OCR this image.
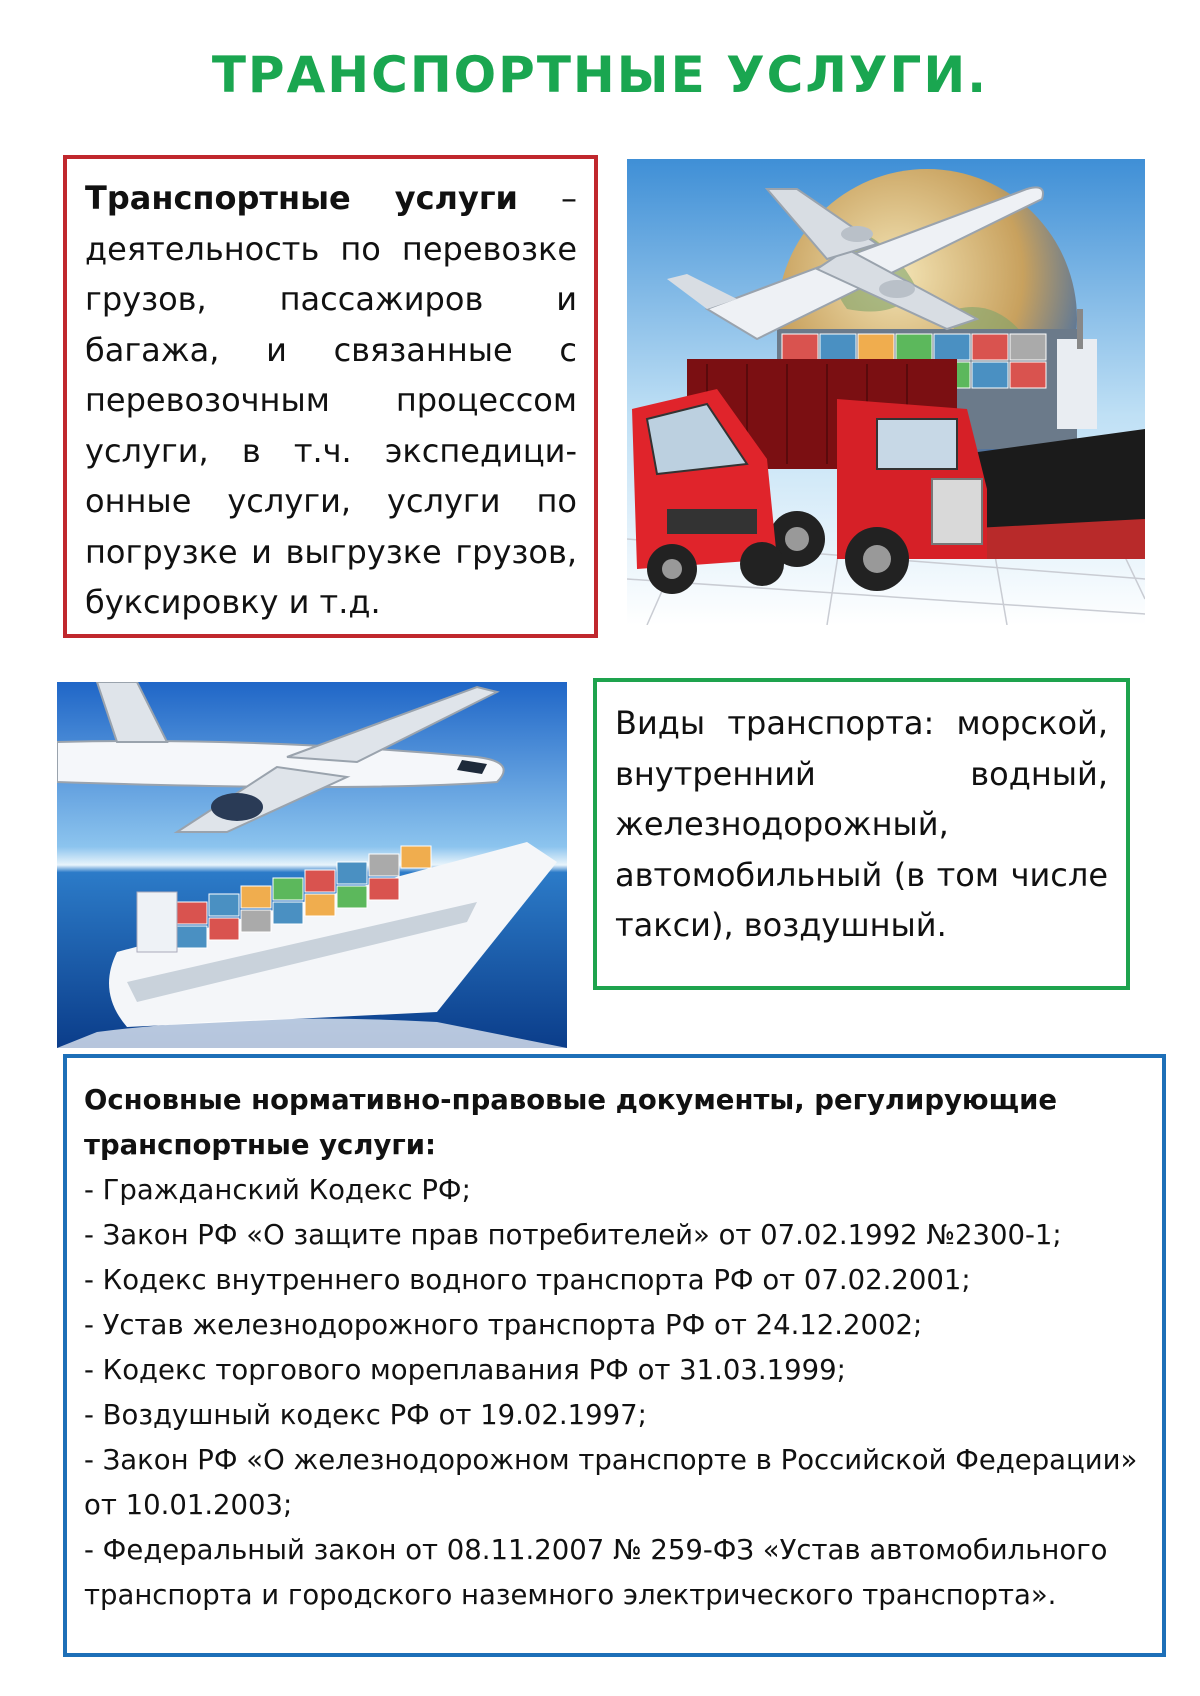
ТРАНСПОРТНЫЕ УСЛУГИ.
Транспортные услуги – деятельность по перевозке грузов, пассажиров и багажа, и связанные с перевозочным процессом услуги, в т.ч. экспедици-онные услуги, услуги по погрузке и выгрузке грузов, буксировку и т.д.
Виды транспорта: морской, внутренний водный, железнодорожный, автомобильный (в том числе такси), воздушный.
Основные нормативно-правовые документы, регулирующие транспортные услуги:
- Гражданский Кодекс РФ;
- Закон РФ «О защите прав потребителей» от 07.02.1992 №2300-1;
- Кодекс внутреннего водного транспорта РФ от 07.02.2001;
- Устав железнодорожного транспорта РФ от 24.12.2002;
- Кодекс торгового мореплавания РФ от 31.03.1999;
- Воздушный кодекс РФ от 19.02.1997;
- Закон РФ «О железнодорожном транспорте в Российской Федерации» от 10.01.2003;
- Федеральный закон от 08.11.2007 № 259-ФЗ «Устав автомобильного транспорта и городского наземного электрического транспорта».
